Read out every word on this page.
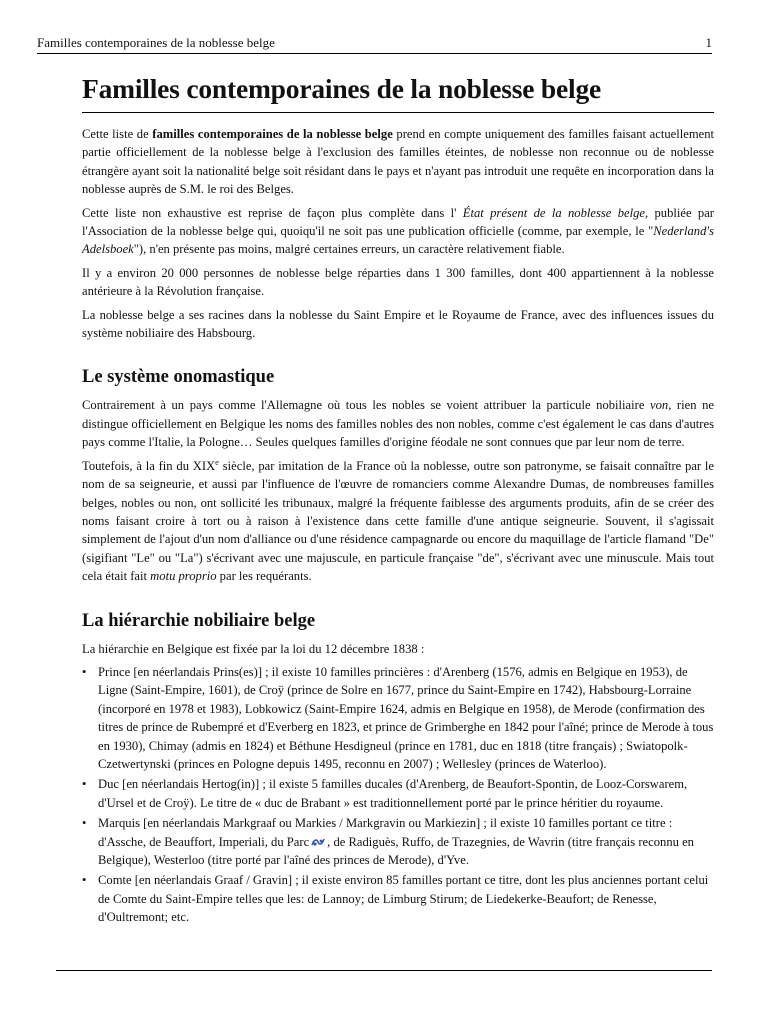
Familles contemporaines de la noblesse belge	1
Familles contemporaines de la noblesse belge

Cette liste de familles contemporaines de la noblesse belge prend en compte uniquement des familles faisant actuellement partie officiellement de la noblesse belge à l'exclusion des familles éteintes, de noblesse non reconnue ou de noblesse étrangère ayant soit la nationalité belge soit résidant dans le pays et n'ayant pas introduit une requête en incorporation dans la noblesse auprès de S.M. le roi des Belges.

Cette liste non exhaustive est reprise de façon plus complète dans l' État présent de la noblesse belge, publiée par l'Association de la noblesse belge qui, quoiqu'il ne soit pas une publication officielle (comme, par exemple, le "Nederland's Adelsboek"), n'en présente pas moins, malgré certaines erreurs, un caractère relativement fiable.

Il y a environ 20 000 personnes de noblesse belge réparties dans 1 300 familles, dont 400 appartiennent à la noblesse antérieure à la Révolution française.

La noblesse belge a ses racines dans la noblesse du Saint Empire et le Royaume de France, avec des influences issues du système nobiliaire des Habsbourg.

Le système onomastique

Contrairement à un pays comme l'Allemagne où tous les nobles se voient attribuer la particule nobiliaire von, rien ne distingue officiellement en Belgique les noms des familles nobles des non nobles, comme c'est également le cas dans d'autres pays comme l'Italie, la Pologne… Seules quelques familles d'origine féodale ne sont connues que par leur nom de terre.

Toutefois, à la fin du XIXe siècle, par imitation de la France où la noblesse, outre son patronyme, se faisait connaître par le nom de sa seigneurie, et aussi par l'influence de l'œuvre de romanciers comme Alexandre Dumas, de nombreuses familles belges, nobles ou non, ont sollicité les tribunaux, malgré la fréquente faiblesse des arguments produits, afin de se créer des noms faisant croire à tort ou à raison à l'existence dans cette famille d'une antique seigneurie. Souvent, il s'agissait simplement de l'ajout d'un nom d'alliance ou d'une résidence campagnarde ou encore du maquillage de l'article flamand "De" (sigifiant "Le" ou "La") s'écrivant avec une majuscule, en particule française "de", s'écrivant avec une minuscule. Mais tout cela était fait motu proprio par les requérants.

La hiérarchie nobiliaire belge

La hiérarchie en Belgique est fixée par la loi du 12 décembre 1838 :

• Prince [en néerlandais Prins(es)] ; il existe 10 familles princières : d'Arenberg (1576, admis en Belgique en 1953), de Ligne (Saint-Empire, 1601), de Croÿ (prince de Solre en 1677, prince du Saint-Empire en 1742), Habsbourg-Lorraine (incorporé en 1978 et 1983), Lobkowicz (Saint-Empire 1624, admis en Belgique en 1958), de Merode (confirmation des titres de prince de Rubempré et d'Everberg en 1823, et prince de Grimberghe en 1842 pour l'aîné; prince de Merode à tous en 1930), Chimay (admis en 1824) et Béthune Hesdigneul (prince en 1781, duc en 1818 (titre français) ; Swiatopolk-Czetwertynski (princes en Pologne depuis 1495, reconnu en 2007) ; Wellesley (princes de Waterloo).
• Duc [en néerlandais Hertog(in)] ; il existe 5 familles ducales (d'Arenberg, de Beaufort-Spontin, de Looz-Corswarem, d'Ursel et de Croÿ). Le titre de « duc de Brabant » est traditionnellement porté par le prince héritier du royaume.
• Marquis [en néerlandais Markgraaf ou Markies / Markgravin ou Markiezin] ; il existe 10 familles portant ce titre : d'Assche, de Beauffort, Imperiali, du Parc , de Radiguès, Ruffo, de Trazegnies, de Wavrin (titre français reconnu en Belgique), Westerloo (titre porté par l'aîné des princes de Merode), d'Yve.
• Comte [en néerlandais Graaf / Gravin] ; il existe environ 85 familles portant ce titre, dont les plus anciennes portant celui de Comte du Saint-Empire telles que les: de Lannoy; de Limburg Stirum; de Liedekerke-Beaufort; de Renesse, d'Oultremont; etc.
